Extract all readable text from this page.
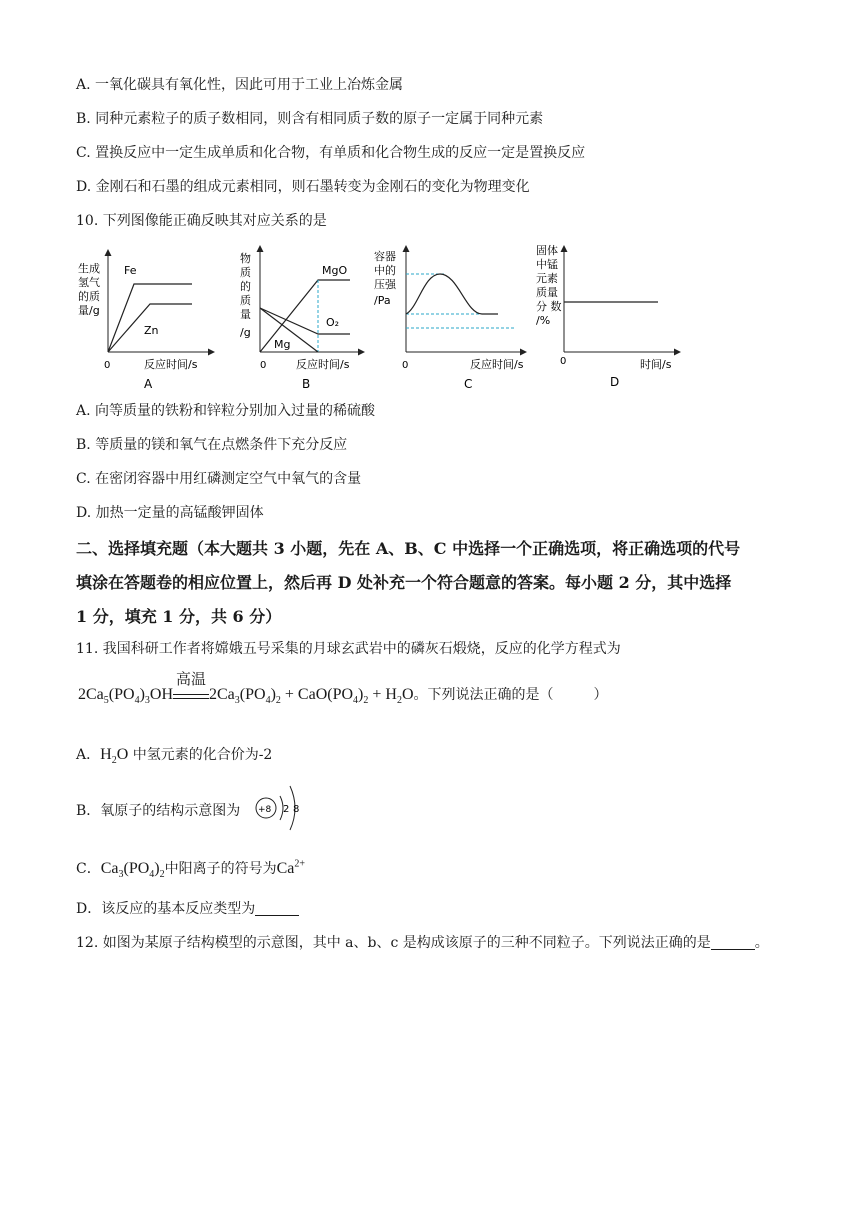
A. 一氧化碳具有氧化性，因此可用于工业上冶炼金属
B. 同种元素粒子的质子数相同，则含有相同质子数的原子一定属于同种元素
C. 置换反应中一定生成单质和化合物，有单质和化合物生成的反应一定是置换反应
D. 金刚石和石墨的组成元素相同，则石墨转变为金刚石的变化为物理变化
10. 下列图像能正确反映其对应关系的是
生成
氢气
的质
量/g
0	反应时间/s
A
Fe
Zn
物
质
的
质
量
/g
0	反应时间/s
B
MgO
O₂
Mg
容器
中的
压强
/Pa
0	反应时间/s
C
固体
中锰
元素
质量
分 数
/%
0	时间/s
D
A. 向等质量的铁粉和锌粒分别加入过量的稀硫酸
B. 等质量的镁和氧气在点燃条件下充分反应
C. 在密闭容器中用红磷测定空气中氧气的含量
D. 加热一定量的高锰酸钾固体
二、选择填充题（本大题共 3 小题，先在 A、B、C 中选择一个正确选项，将正确选项的代号
填涂在答题卷的相应位置上，然后再 D 处补充一个符合题意的答案。每小题 2 分，其中选择
1 分，填充 1 分，共 6 分）
11. 我国科研工作者将嫦娥五号采集的月球玄武岩中的磷灰石煅烧，反应的化学方程式为
$2Ca_5(PO_4)_3OH$
高温
$2Ca_3(PO_4)_2 + CaO(PO_4)_2 + H_2O$。下列说法正确的是（	）
A．$H_2O$ 中氢元素的化合价为-2
B．氧原子的结构示意图为 +8 2 8
C．$Ca_3(PO_4)_2$中阳离子的符号为$Ca^{2+}$
D．该反应的基本反应类型为
12. 如图为某原子结构模型的示意图，其中 a、b、c 是构成该原子的三种不同粒子。下列说法正确的是	。
